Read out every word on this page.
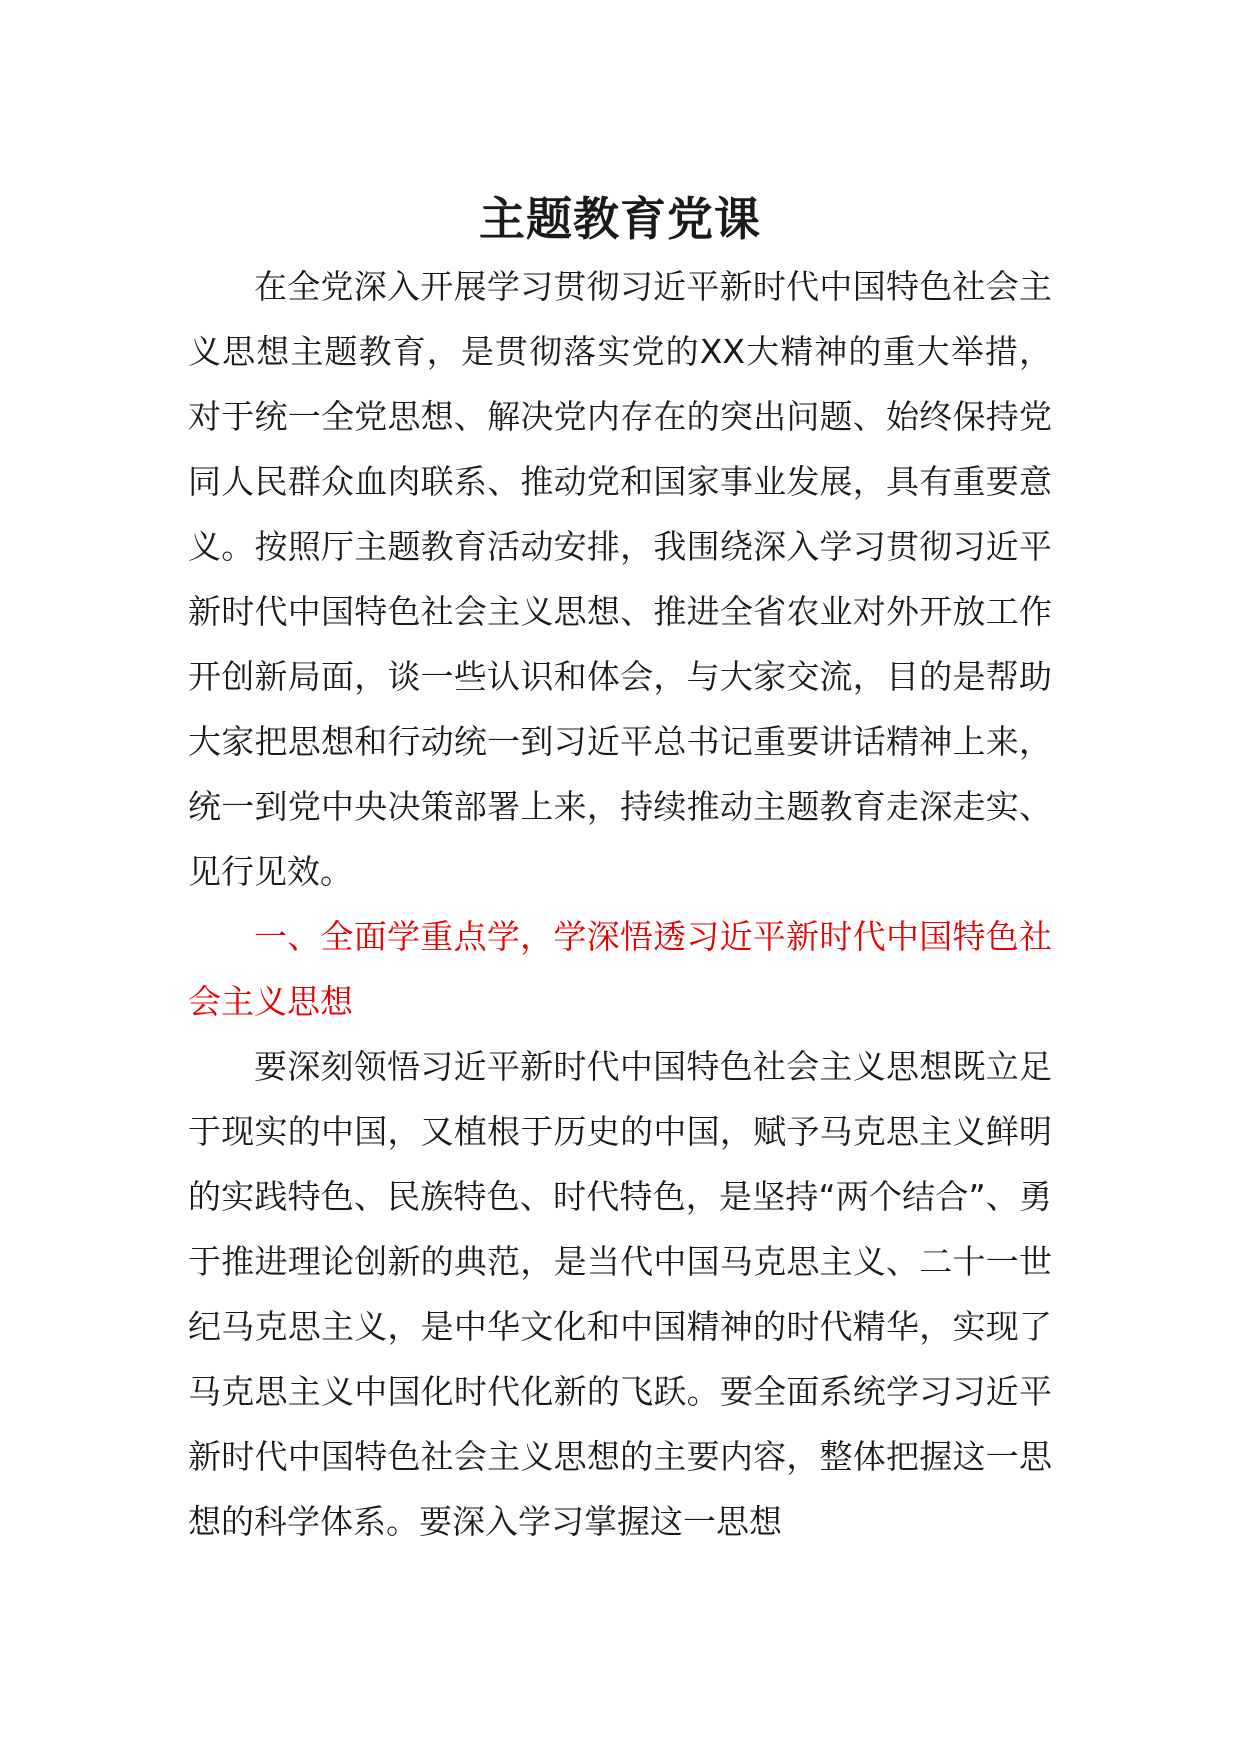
主题教育党课

在全党深入开展学习贯彻习近平新时代中国特色社会主义思想主题教育，是贯彻落实党的XX大精神的重大举措，对于统一全党思想、解决党内存在的突出问题、始终保持党同人民群众血肉联系、推动党和国家事业发展，具有重要意义。按照厅主题教育活动安排，我围绕深入学习贯彻习近平新时代中国特色社会主义思想、推进全省农业对外开放工作开创新局面，谈一些认识和体会，与大家交流，目的是帮助大家把思想和行动统一到习近平总书记重要讲话精神上来，统一到党中央决策部署上来，持续推动主题教育走深走实、见行见效。

一、全面学重点学，学深悟透习近平新时代中国特色社会主义思想

要深刻领悟习近平新时代中国特色社会主义思想既立足于现实的中国，又植根于历史的中国，赋予马克思主义鲜明的实践特色、民族特色、时代特色，是坚持“两个结合”、勇于推进理论创新的典范，是当代中国马克思主义、二十一世纪马克思主义，是中华文化和中国精神的时代精华，实现了马克思主义中国化时代化新的飞跃。要全面系统学习习近平新时代中国特色社会主义思想的主要内容，整体把握这一思想的科学体系。要深入学习掌握这一思想
